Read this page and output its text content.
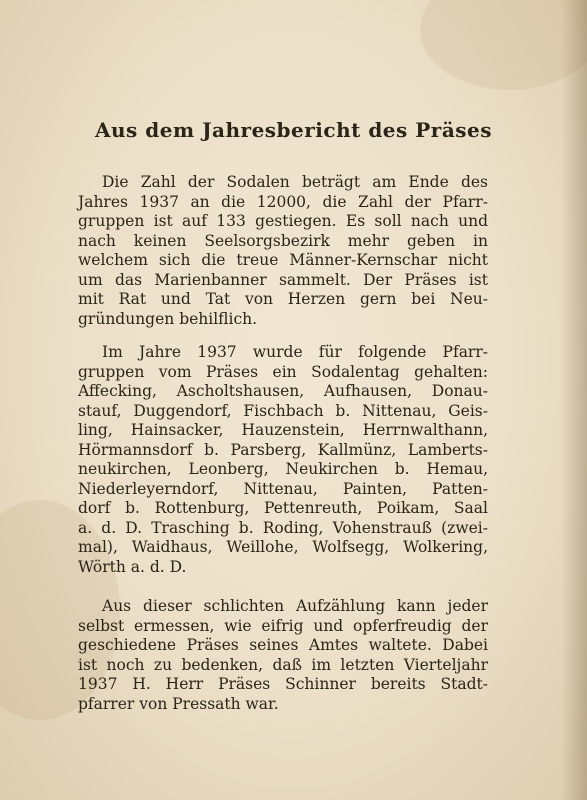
Aus dem Jahresbericht des Präses
Die Zahl der Sodalen beträgt am Ende des
Jahres 1937 an die 12000, die Zahl der Pfarr-
gruppen ist auf 133 gestiegen. Es soll nach und
nach keinen Seelsorgsbezirk mehr geben in
welchem sich die treue Männer-Kernschar nicht
um das Marienbanner sammelt. Der Präses ist
mit Rat und Tat von Herzen gern bei Neu-
gründungen behilflich.
Im Jahre 1937 wurde für folgende Pfarr-
gruppen vom Präses ein Sodalentag gehalten:
Affecking, Ascholtshausen, Aufhausen, Donau-
stauf, Duggendorf, Fischbach b. Nittenau, Geis-
ling, Hainsacker, Hauzenstein, Herrnwalthann,
Hörmannsdorf b. Parsberg, Kallmünz, Lamberts-
neukirchen, Leonberg, Neukirchen b. Hemau,
Niederleyerndorf, Nittenau, Painten, Patten-
dorf b. Rottenburg, Pettenreuth, Poikam, Saal
a. d. D. Trasching b. Roding, Vohenstrauß (zwei-
mal), Waidhaus, Weillohe, Wolfsegg, Wolkering,
Wörth a. d. D.
Aus dieser schlichten Aufzählung kann jeder
selbst ermessen, wie eifrig und opferfreudig der
geschiedene Präses seines Amtes waltete. Dabei
ist noch zu bedenken, daß im letzten Vierteljahr
1937 H. Herr Präses Schinner bereits Stadt-
pfarrer von Pressath war.
